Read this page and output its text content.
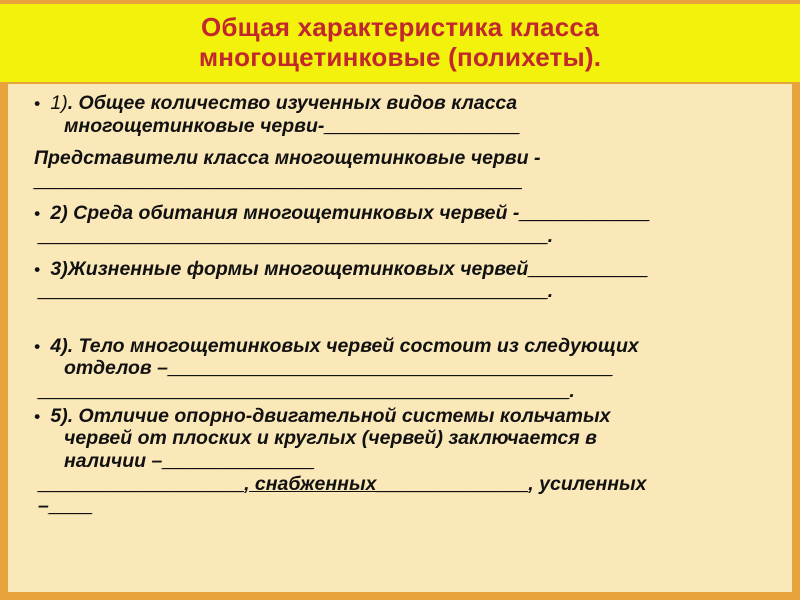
Общая характеристика класса
многощетинковые (полихеты).

• 1). Общее количество изученных видов класса
многощетинковые черви-__________________

Представители класса многощетинковые черви -
_____________________________________________

• 2) Среда обитания многощетинковых червей -____________
_______________________________________________.

• 3)Жизненные формы многощетинковых червей___________
_______________________________________________.

• 4). Тело многощетинковых червей состоит из следующих
отделов –_________________________________________
_________________________________________________.

• 5). Отличие опорно-двигательной системы кольчатых
червей от плоских и круглых (червей) заключается в
наличии –______________
___________________, снабженных______________, усиленных
–____
